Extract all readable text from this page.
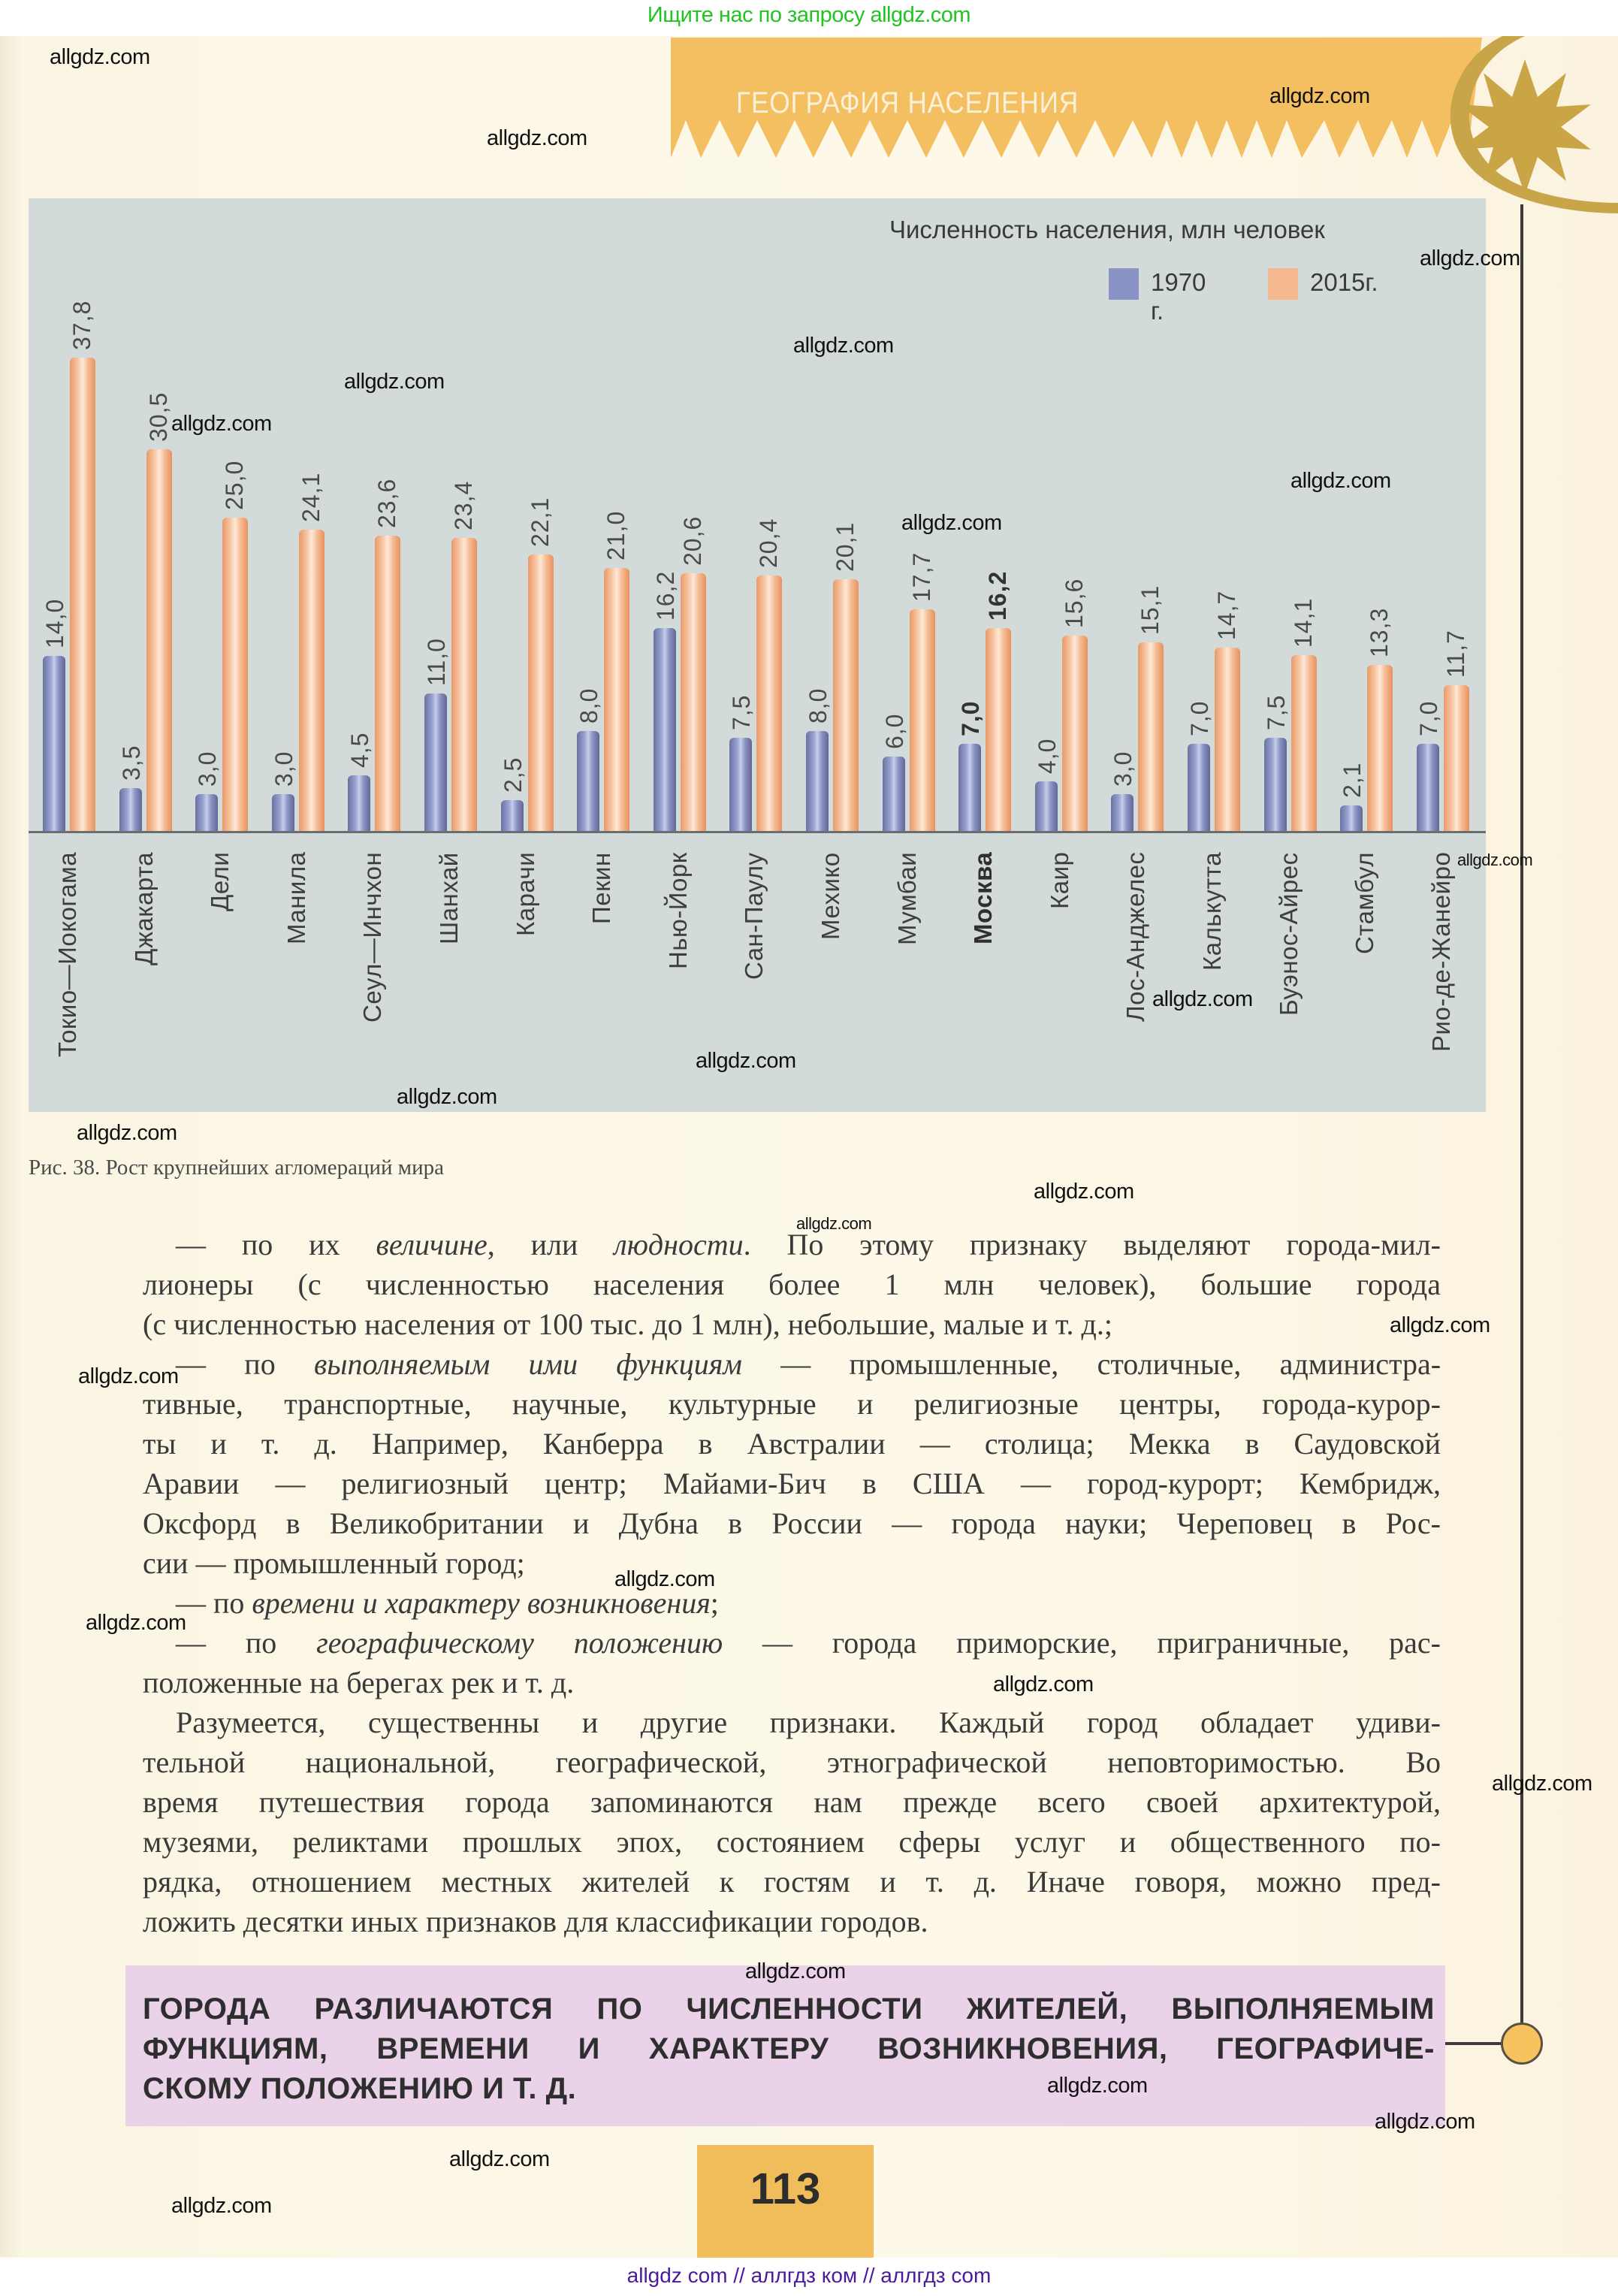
Ищите нас по запросу allgdz.com
ГЕОГРАФИЯ НАСЕЛЕНИЯ
Численность населения, млн человек
1970 г.
2015г.
14,0
37,8
3,5
30,5
3,0
25,0
3,0
24,1
4,5
23,6
11,0
23,4
2,5
22,1
8,0
21,0
16,2
20,6
7,5
20,4
8,0
20,1
6,0
17,7
7,0
16,2
4,0
15,6
3,0
15,1
7,0
14,7
7,5
14,1
2,1
13,3
7,0
11,7
Токио—Иокогама Джакарта Дели Манила Сеул—Инчхон Шанхай Карачи Пекин Нью-Йорк Сан-Паулу Мехико Мумбаи Москва Каир Лос-Анджелес Калькутта Буэнос-Айрес Стамбул Рио-де-Жанейро
Рис. 38. Рост крупнейших агломераций мира
— по их величине, или людности. По этому признаку выделяют города-мил-
лионеры (с численностью населения более 1 млн человек), большие города
(с численностью населения от 100 тыс. до 1 млн), небольшие, малые и т. д.;
— по выполняемым ими функциям — промышленные, столичные, администра-
тивные, транспортные, научные, культурные и религиозные центры, города-курор-
ты и т. д. Например, Канберра в Австралии — столица; Мекка в Саудовской
Аравии — религиозный центр; Майами-Бич в США — город-курорт; Кембридж,
Оксфорд в Великобритании и Дубна в России — города науки; Череповец в Рос-
сии — промышленный город;
— по времени и характеру возникновения;
— по географическому положению — города приморские, приграничные, рас-
положенные на берегах рек и т. д.
Разумеется, существенны и другие признаки. Каждый город обладает удиви-
тельной национальной, географической, этнографической неповторимостью. Во
время путешествия города запоминаются нам прежде всего своей архитектурой,
музеями, реликтами прошлых эпох, состоянием сферы услуг и общественного по-
рядка, отношением местных жителей к гостям и т. д. Иначе говоря, можно пред-
ложить десятки иных признаков для классификации городов.
ГОРОДА РАЗЛИЧАЮТСЯ ПО ЧИСЛЕННОСТИ ЖИТЕЛЕЙ, ВЫПОЛНЯЕМЫМ
ФУНКЦИЯМ, ВРЕМЕНИ И ХАРАКТЕРУ ВОЗНИКНОВЕНИЯ, ГЕОГРАФИЧЕ-
СКОМУ ПОЛОЖЕНИЮ И Т. Д.
113
allgdz com // аллгдз ком // аллгдз com
allgdz.com
allgdz.com
allgdz.com
allgdz.com
allgdz.com
allgdz.com
allgdz.com
allgdz.com
allgdz.com
allgdz.com
allgdz.com
allgdz.com
allgdz.com
allgdz.com
allgdz.com
allgdz.com
allgdz.com
allgdz.com
allgdz.com
allgdz.com
allgdz.com
allgdz.com
allgdz.com
allgdz.com
allgdz.com
allgdz.com
allgdz.com
